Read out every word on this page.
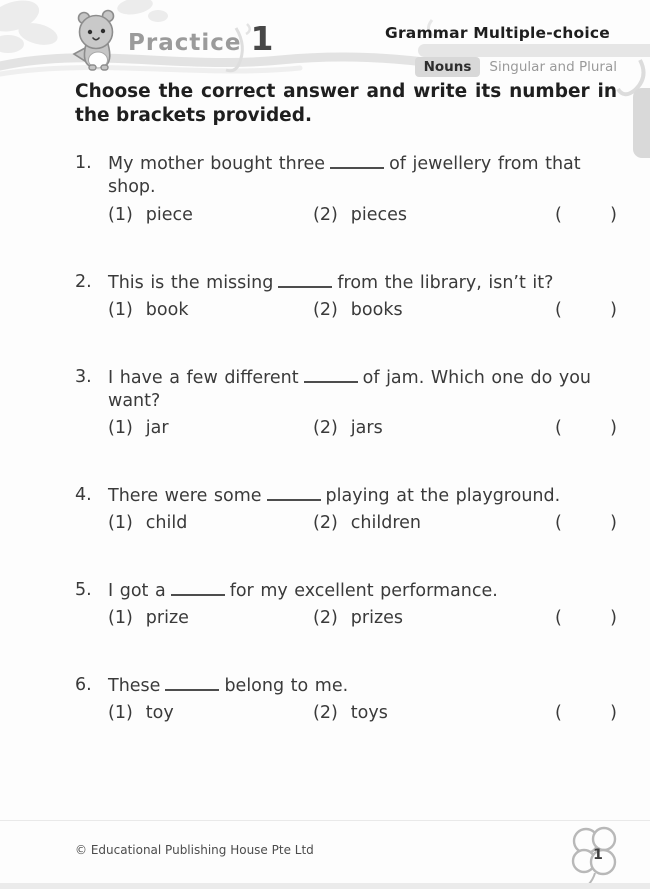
Practice 1	Grammar Multiple-choice
Nouns	Singular and Plural

Choose the correct answer and write its number in the brackets provided.

1. My mother bought three	of jewellery from that shop.
(1) piece	(2) pieces	(	)
2. This is the missing	from the library, isn’t it?
(1) book	(2) books	(	)
3. I have a few different	of jam. Which one do you want?
(1) jar	(2) jars	(	)
4. There were some	playing at the playground.
(1) child	(2) children	(	)
5. I got a	for my excellent performance.
(1) prize	(2) prizes	(	)
6. These	belong to me.
(1) toy	(2) toys	(	)
© Educational Publishing House Pte Ltd	1
